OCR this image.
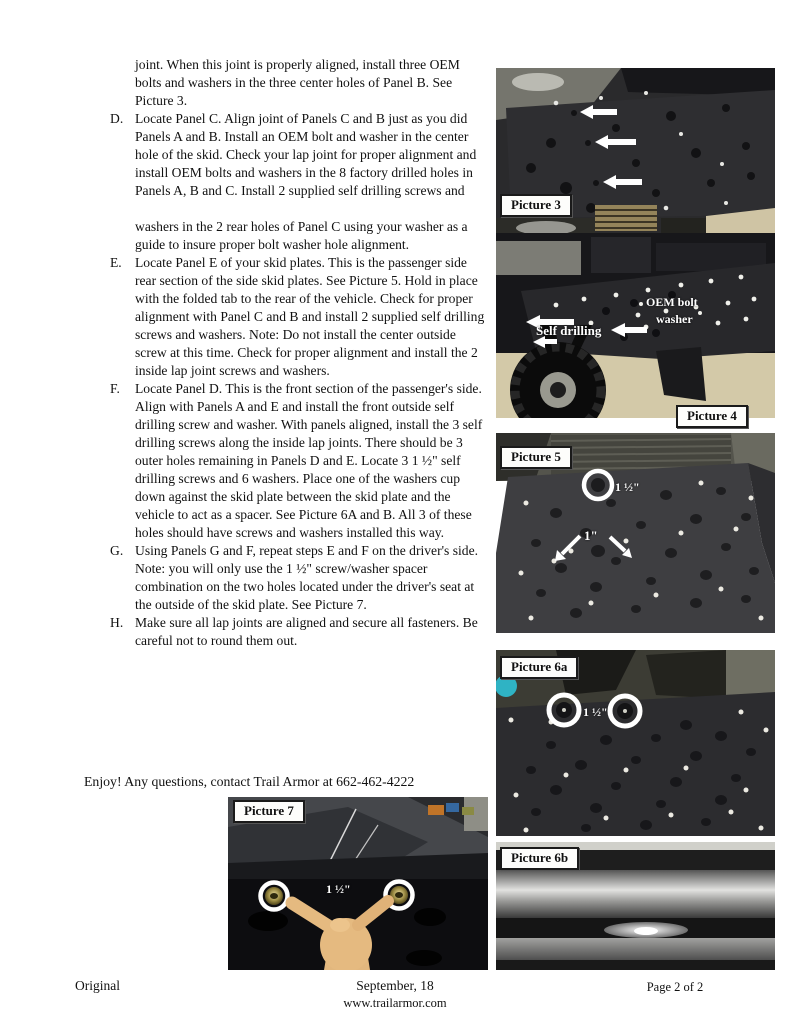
joint. When this joint is properly aligned, install three OEM bolts and washers in the three center holes of Panel B. See Picture 3.

D. Locate Panel C. Align joint of Panels C and B just as you did Panels A and B. Install an OEM bolt and washer in the center hole of the skid. Check your lap joint for proper alignment and install OEM bolts and washers in the 8 factory drilled holes in Panels A, B and C. Install 2 supplied self drilling screws and
washers in the 2 rear holes of Panel C using your washer as a guide to insure proper bolt washer hole alignment.
E. Locate Panel E of your skid plates. This is the passenger side rear section of the side skid plates. See Picture 5. Hold in place with the folded tab to the rear of the vehicle. Check for proper alignment with Panel C and B and install 2 supplied self drilling screws and washers. Note: Do not install the center outside screw at this time. Check for proper alignment and install the 2 inside lap joint screws and washers.
F.	Locate Panel D. This is the front section of the passenger's side. Align with Panels A and E and install the front outside self drilling screw and washer. With panels aligned, install the 3 self drilling screws along the inside lap joints. There should be 3 outer holes remaining in Panels D and E. Locate 3 1 ½" self drilling screws and 6 washers. Place one of the washers cup down against the skid plate between the skid plate and the vehicle to act as a spacer. See Picture 6A and B. All 3 of these holes should have screws and washers installed this way.
G. Using Panels G and F, repeat steps E and F on the driver's side. Note: you will only use the 1 ½" screw/washer spacer combination on the two holes located under the driver's seat at the outside of the skid plate. See Picture 7.
H. Make sure all lap joints are aligned and secure all fasteners. Be careful not to round them out.
Enjoy! Any questions, contact Trail Armor at 662-462-4222
Picture 3
OEM bolt
washer
Self drilling
Picture 4
1 ½"
1"
Picture 5
1 ½"
Picture 6a
Picture 6b
1 ½"
Picture 7
Original	September, 18
www.trailarmor.com
Page 2 of 2
